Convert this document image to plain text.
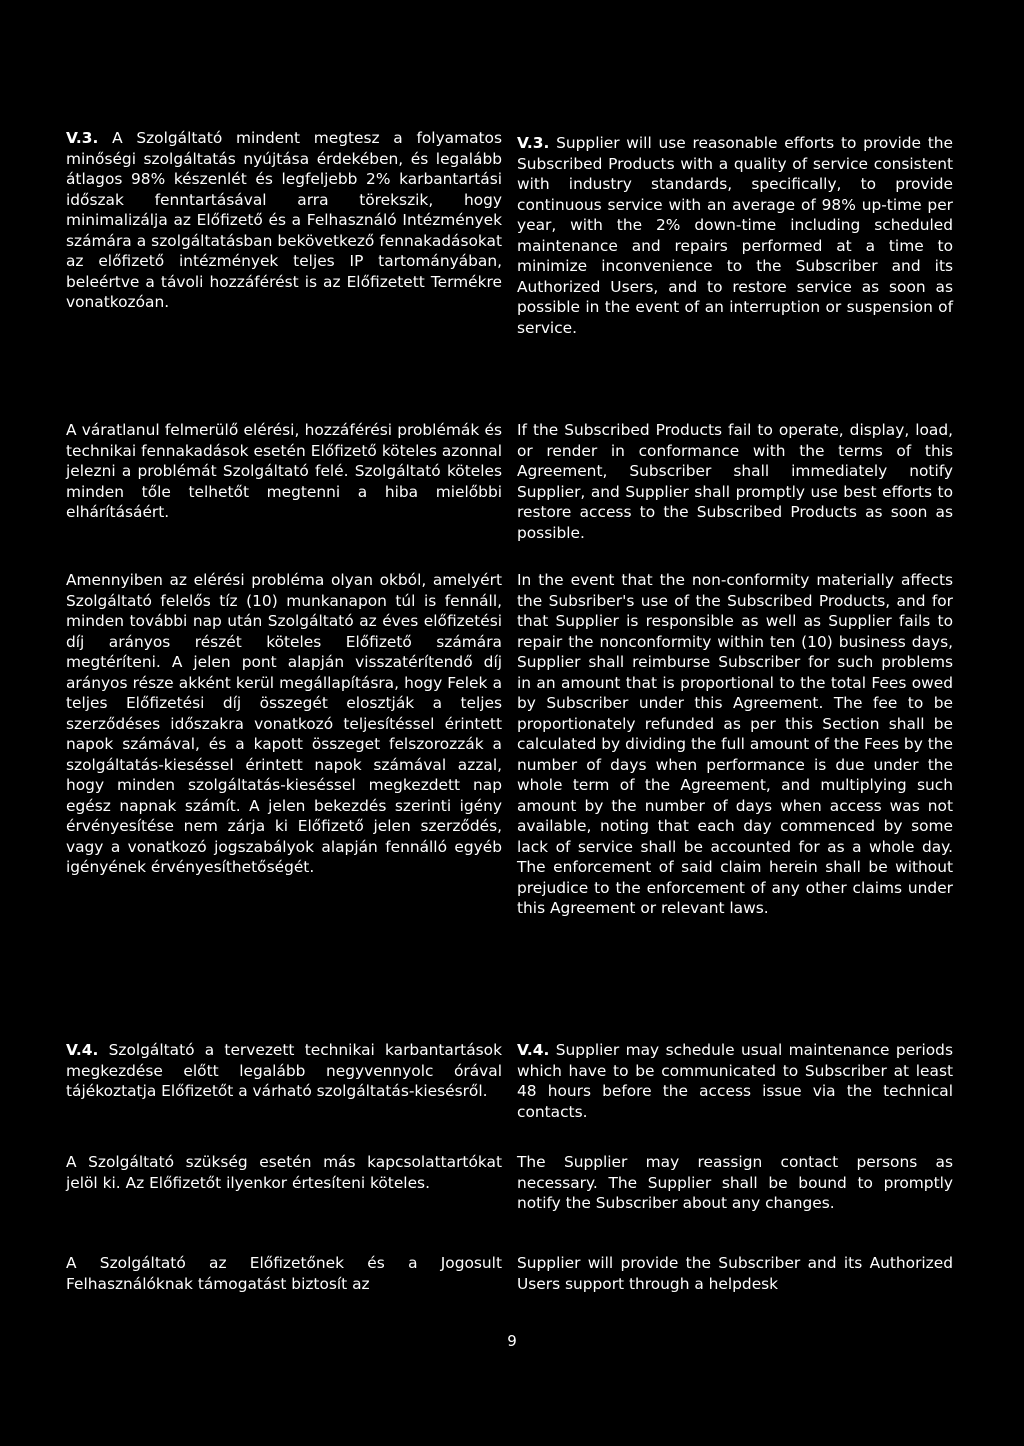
V.3. A Szolgáltató mindent megtesz a folyamatos minőségi szolgáltatás nyújtása érdekében, és legalább átlagos 98% készenlét és legfeljebb 2% karbantartási időszak fenntartásával arra törekszik, hogy minimalizálja az Előfizető és a Felhasználó Intézmények számára a szolgáltatásban bekövetkező fennakadásokat az előfizető intézmények teljes IP tartományában, beleértve a távoli hozzáférést is az Előfizetett Termékre vonatkozóan.

V.3. Supplier will use reasonable efforts to provide the Subscribed Products with a quality of service consistent with industry standards, specifically, to provide continuous service with an average of 98% up-time per year, with the 2% down-time including scheduled maintenance and repairs performed at a time to minimize inconvenience to the Subscriber and its Authorized Users, and to restore service as soon as possible in the event of an interruption or suspension of service.

A váratlanul felmerülő elérési, hozzáférési problémák és technikai fennakadások esetén Előfizető köteles azonnal jelezni a problémát Szolgáltató felé. Szolgáltató köteles minden tőle telhetőt megtenni a hiba mielőbbi elhárításáért.

If the Subscribed Products fail to operate, display, load, or render in conformance with the terms of this Agreement, Subscriber shall immediately notify Supplier, and Supplier shall promptly use best efforts to restore access to the Subscribed Products as soon as possible.

Amennyiben az elérési probléma olyan okból, amelyért Szolgáltató felelős tíz (10) munkanapon túl is fennáll, minden további nap után Szolgáltató az éves előfizetési díj arányos részét köteles Előfizető számára megtéríteni. A jelen pont alapján visszatérítendő díj arányos része akként kerül megállapításra, hogy Felek a teljes Előfizetési díj összegét elosztják a teljes szerződéses időszakra vonatkozó teljesítéssel érintett napok számával, és a kapott összeget felszorozzák a szolgáltatás-kieséssel érintett napok számával azzal, hogy minden szolgáltatás-kieséssel megkezdett nap egész napnak számít. A jelen bekezdés szerinti igény érvényesítése nem zárja ki Előfizető jelen szerződés, vagy a vonatkozó jogszabályok alapján fennálló egyéb igényének érvényesíthetőségét.

In the event that the non-conformity materially affects the Subsriber's use of the Subscribed Products, and for that Supplier is responsible as well as Supplier fails to repair the nonconformity within ten (10) business days, Supplier shall reimburse Subscriber for such problems in an amount that is proportional to the total Fees owed by Subscriber under this Agreement. The fee to be proportionately refunded as per this Section shall be calculated by dividing the full amount of the Fees by the number of days when performance is due under the whole term of the Agreement, and multiplying such amount by the number of days when access was not available, noting that each day commenced by some lack of service shall be accounted for as a whole day. The enforcement of said claim herein shall be without prejudice to the enforcement of any other claims under this Agreement or relevant laws.

V.4. Szolgáltató a tervezett technikai karbantartások megkezdése előtt legalább negyvennyolc órával tájékoztatja Előfizetőt a várható szolgáltatás-kiesésről.

V.4. Supplier may schedule usual maintenance periods which have to be communicated to Subscriber at least 48 hours before the access issue via the technical contacts.

A Szolgáltató szükség esetén más kapcsolattartókat jelöl ki. Az Előfizetőt ilyenkor értesíteni köteles.

The Supplier may reassign contact persons as necessary. The Supplier shall be bound to promptly notify the Subscriber about any changes.

A Szolgáltató az Előfizetőnek és a Jogosult Felhasználóknak támogatást biztosít az

Supplier will provide the Subscriber and its Authorized Users support through a helpdesk

9
